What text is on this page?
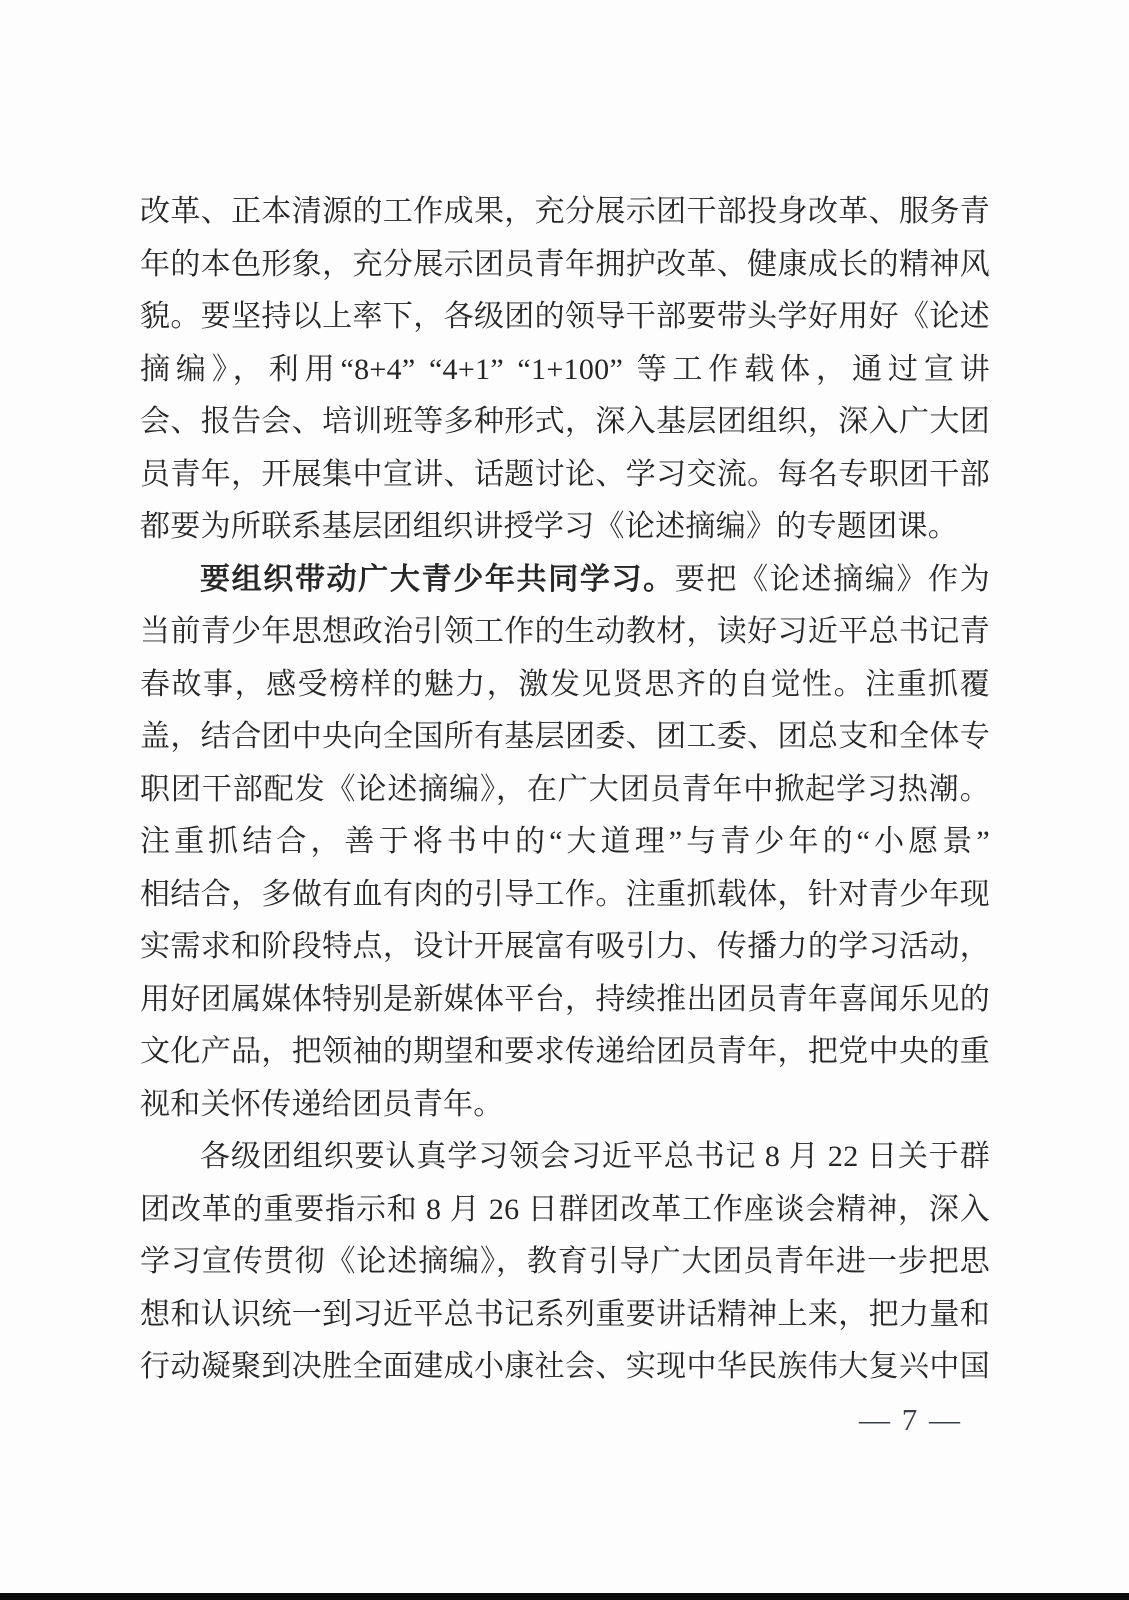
改革、正本清源的工作成果，充分展示团干部投身改革、服务青
年的本色形象，充分展示团员青年拥护改革、健康成长的精神风
貌。要坚持以上率下，各级团的领导干部要带头学好用好《论述
摘编》，利用“8+4” “4+1” “1+100” 等工作载体，通过宣讲
会、报告会、培训班等多种形式，深入基层团组织，深入广大团
员青年，开展集中宣讲、话题讨论、学习交流。每名专职团干部
都要为所联系基层团组织讲授学习《论述摘编》的专题团课。
要组织带动广大青少年共同学习。要把《论述摘编》作为
当前青少年思想政治引领工作的生动教材，读好习近平总书记青
春故事，感受榜样的魅力，激发见贤思齐的自觉性。注重抓覆
盖，结合团中央向全国所有基层团委、团工委、团总支和全体专
职团干部配发《论述摘编》，在广大团员青年中掀起学习热潮。
注重抓结合，善于将书中的“大道理”与青少年的“小愿景”
相结合，多做有血有肉的引导工作。注重抓载体，针对青少年现
实需求和阶段特点，设计开展富有吸引力、传播力的学习活动，
用好团属媒体特别是新媒体平台，持续推出团员青年喜闻乐见的
文化产品，把领袖的期望和要求传递给团员青年，把党中央的重
视和关怀传递给团员青年。
各级团组织要认真学习领会习近平总书记 8 月 22 日关于群
团改革的重要指示和 8 月 26 日群团改革工作座谈会精神，深入
学习宣传贯彻《论述摘编》，教育引导广大团员青年进一步把思
想和认识统一到习近平总书记系列重要讲话精神上来，把力量和
行动凝聚到决胜全面建成小康社会、实现中华民族伟大复兴中国
— 7 —
